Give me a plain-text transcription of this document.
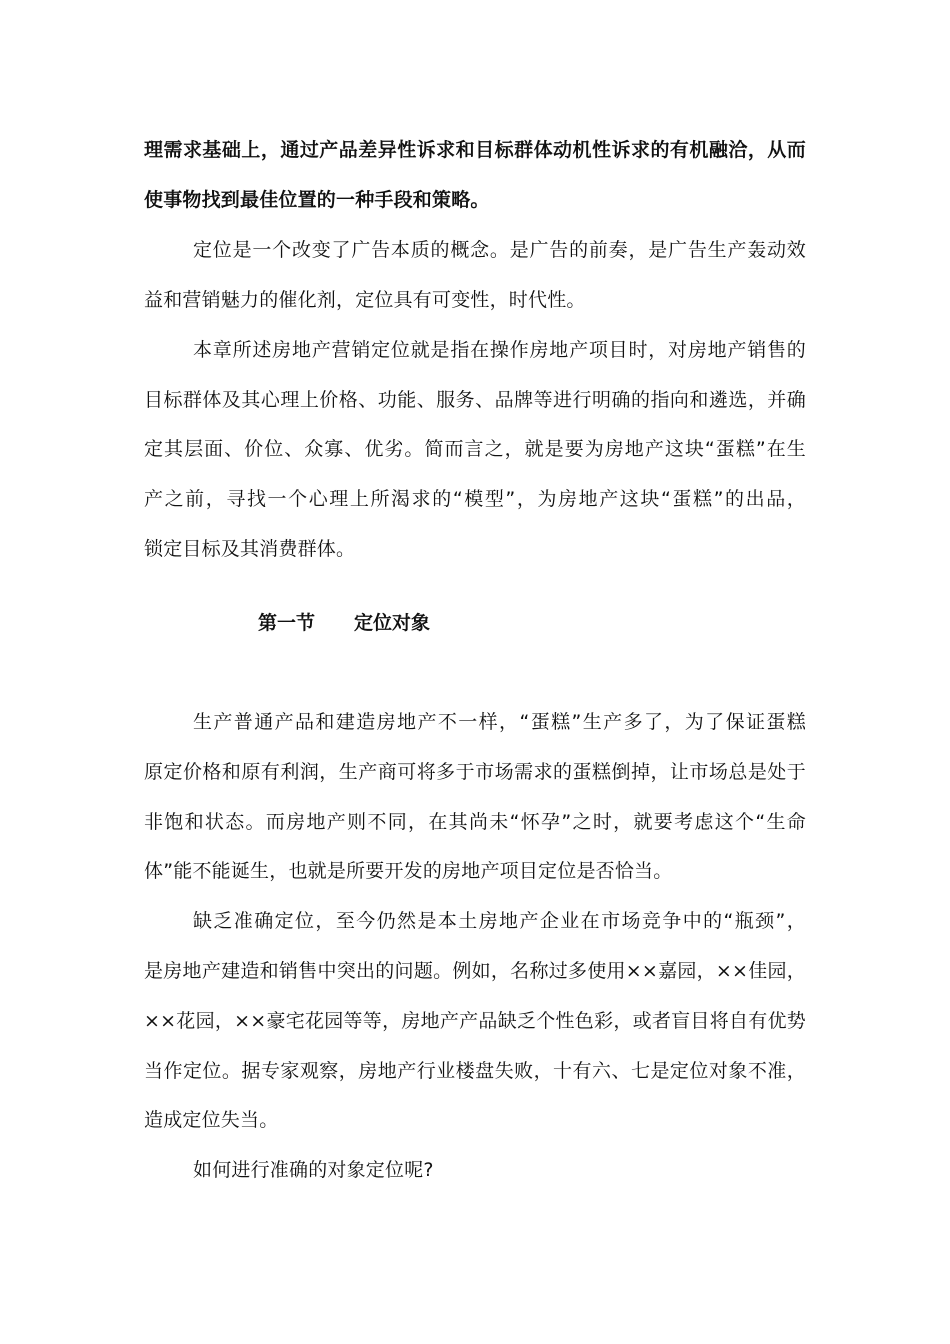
理需求基础上，通过产品差异性诉求和目标群体动机性诉求的有机融洽，从而
使事物找到最佳位置的一种手段和策略。
定位是一个改变了广告本质的概念。是广告的前奏，是广告生产轰动效
益和营销魅力的催化剂，定位具有可变性，时代性。
本章所述房地产营销定位就是指在操作房地产项目时，对房地产销售的
目标群体及其心理上价格、功能、服务、品牌等进行明确的指向和遴选，并确
定其层面、价位、众寡、优劣。简而言之，就是要为房地产这块“蛋糕”在生
产之前，寻找一个心理上所渴求的“模型”，为房地产这块“蛋糕”的出品，
锁定目标及其消费群体。
第一节 定位对象
生产普通产品和建造房地产不一样，“蛋糕”生产多了，为了保证蛋糕
原定价格和原有利润，生产商可将多于市场需求的蛋糕倒掉，让市场总是处于
非饱和状态。而房地产则不同，在其尚未“怀孕”之时，就要考虑这个“生命
体”能不能诞生，也就是所要开发的房地产项目定位是否恰当。
缺乏准确定位，至今仍然是本土房地产企业在市场竞争中的“瓶颈”，
是房地产建造和销售中突出的问题。例如，名称过多使用××嘉园，××佳园，
××花园，××豪宅花园等等，房地产产品缺乏个性色彩，或者盲目将自有优势
当作定位。据专家观察，房地产行业楼盘失败，十有六、七是定位对象不准，
造成定位失当。
如何进行准确的对象定位呢?
